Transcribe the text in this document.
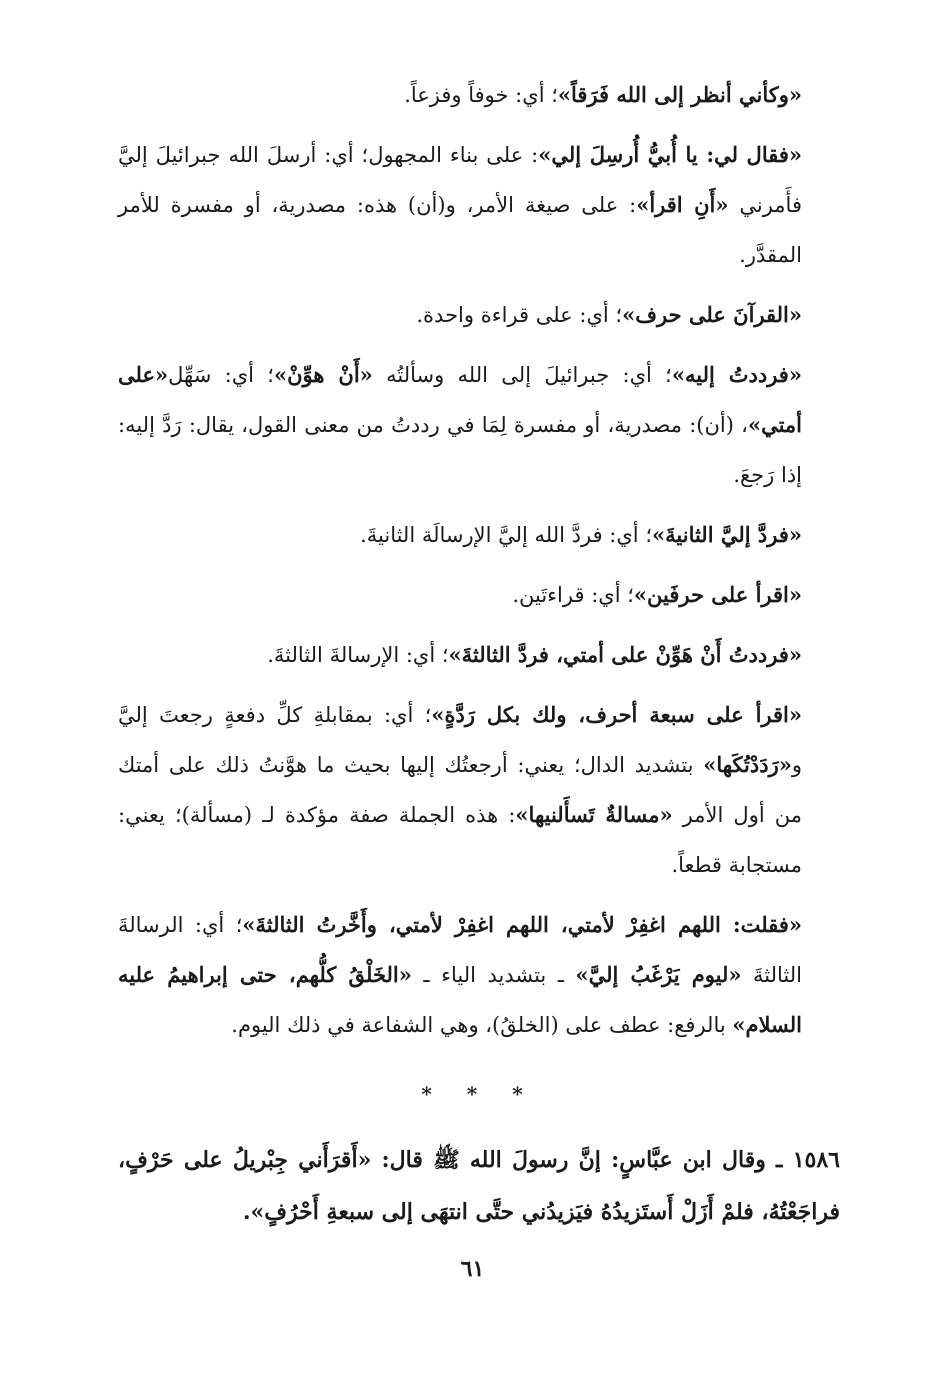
«وكأني أنظر إلى الله فَرَقاً»؛ أي: خوفاً وفزعاً.
«فقال لي: يا أُبيُّ أُرسِلَ إلي»: على بناء المجهول؛ أي: أرسلَ الله جبرائيلَ إليَّ فأَمرني «أَنِ اقرأ»: على صيغة الأمر، و(أن) هذه: مصدرية، أو مفسرة للأمر المقدَّر.
«القرآنَ على حرف»؛ أي: على قراءة واحدة.
«فرددتُ إليه»؛ أي: جبرائيلَ إلى الله وسألتُه «أَنْ هوِّنْ»؛ أي: سَهِّل«على أمتي»، (أن): مصدرية، أو مفسرة لِمَا في رددتُ من معنى القول، يقال: رَدَّ إليه: إذا رَجعَ.
«فردَّ إليَّ الثانيةَ»؛ أي: فردَّ الله إليَّ الإرسالَة الثانيةَ.
«اقرأ على حرفَين»؛ أي: قراءتَين.
«فرددتُ أَنْ هَوِّنْ على أمتي، فردَّ الثالثةَ»؛ أي: الإرسالةَ الثالثةَ.
«اقرأ على سبعة أحرف، ولك بكل رَدَّةٍ»؛ أي: بمقابلةِ كلِّ دفعةٍ رجعتَ إليَّ و«رَدَدْتُكَها» بتشديد الدال؛ يعني: أرجعتُك إليها بحيث ما هوَّنتُ ذلك على أمتك من أول الأمر «مسالةٌ تَسأَلنيها»: هذه الجملة صفة مؤكدة لـ (مسألة)؛ يعني: مستجابة قطعاً.
«فقلت: اللهم اغفِرْ لأمتي، اللهم اغفِرْ لأمتي، وأَخَّرتُ الثالثةَ»؛ أي: الرسالةَ الثالثةَ «ليوم يَرْغَبُ إليَّ» ـ بتشديد الياء ـ «الخَلْقُ كلُّهم، حتى إبراهيمُ عليه السلام» بالرفع: عطف على (الخلقُ)، وهي الشفاعة في ذلك اليوم.
* * *
١٥٨٦ ـ وقال ابن عبَّاسٍ: إنَّ رسولَ الله ﷺ قال: «أَقرَأَني جِبْريلُ على حَرْفٍ، فراجَعْتُهُ، فلمْ أَزَلْ أَستَزيدُهُ فيَزيدُني حتَّى انتهَى إلى سبعةِ أَحْرُفٍ».
٦١
